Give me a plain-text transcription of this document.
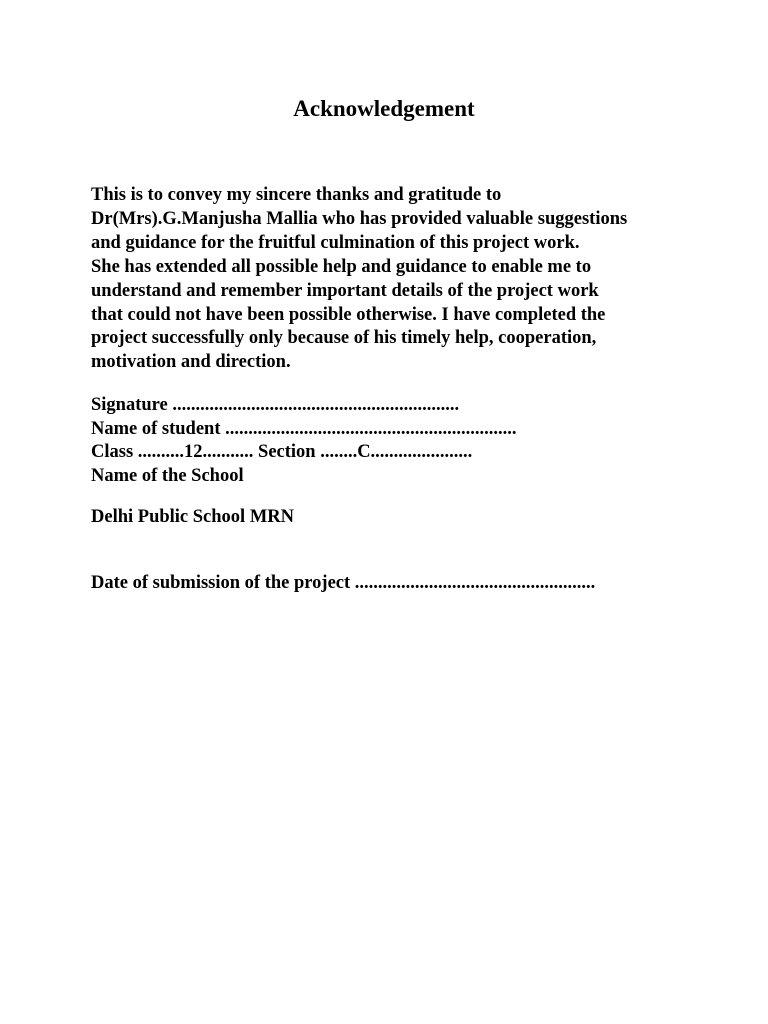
Acknowledgement

This is to convey my sincere thanks and gratitude to
Dr(Mrs).G.Manjusha Mallia who has provided valuable suggestions
and guidance for the fruitful culmination of this project work.
She has extended all possible help and guidance to enable me to
understand and remember important details of the project work
that could not have been possible otherwise. I have completed the
project successfully only because of his timely help, cooperation,
motivation and direction.

Signature ..............................................................
Name of student ...............................................................
Class ..........12........... Section ........C......................
Name of the School
Delhi Public School MRN
Date of submission of the project ....................................................
